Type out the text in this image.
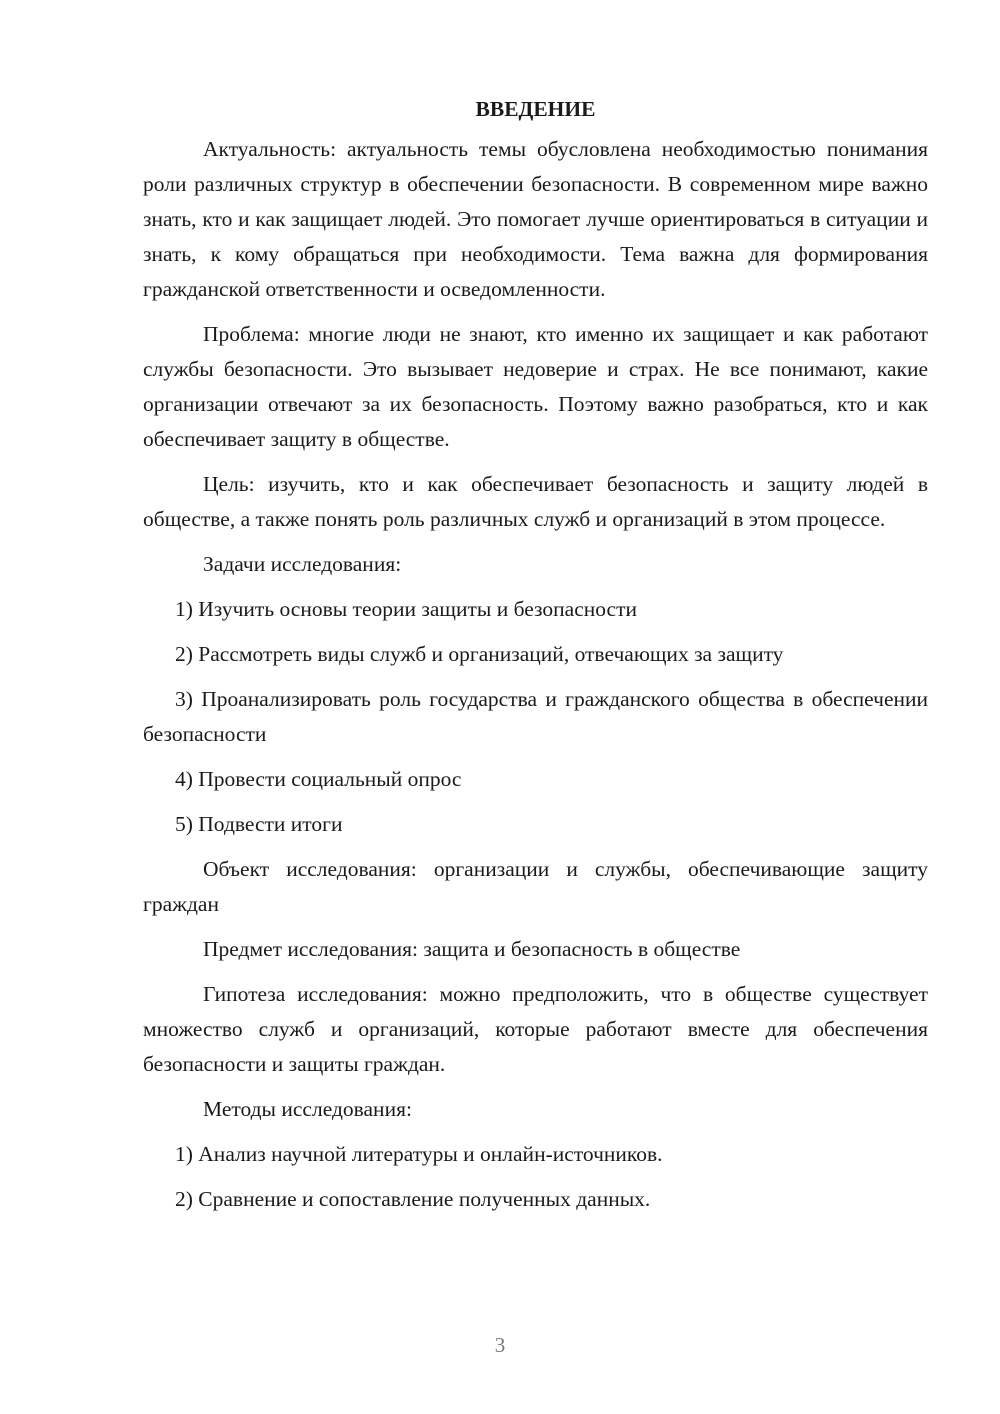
ВВЕДЕНИЕ

Актуальность: актуальность темы обусловлена необходимостью понимания роли различных структур в обеспечении безопасности. В современном мире важно знать, кто и как защищает людей. Это помогает лучше ориентироваться в ситуации и знать, к кому обращаться при необходимости. Тема важна для формирования гражданской ответственности и осведомленности.

Проблема: многие люди не знают, кто именно их защищает и как работают службы безопасности. Это вызывает недоверие и страх. Не все понимают, какие организации отвечают за их безопасность. Поэтому важно разобраться, кто и как обеспечивает защиту в обществе.

Цель: изучить, кто и как обеспечивает безопасность и защиту людей в обществе, а также понять роль различных служб и организаций в этом процессе.

Задачи исследования:

1) Изучить основы теории защиты и безопасности

2) Рассмотреть виды служб и организаций, отвечающих за защиту

3) Проанализировать роль государства и гражданского общества в обеспечении безопасности

4) Провести социальный опрос

5) Подвести итоги

Объект исследования: организации и службы, обеспечивающие защиту граждан

Предмет исследования: защита и безопасность в обществе

Гипотеза исследования: можно предположить, что в обществе существует множество служб и организаций, которые работают вместе для обеспечения безопасности и защиты граждан.

Методы исследования:

1) Анализ научной литературы и онлайн-источников.

2) Сравнение и сопоставление полученных данных.

3
